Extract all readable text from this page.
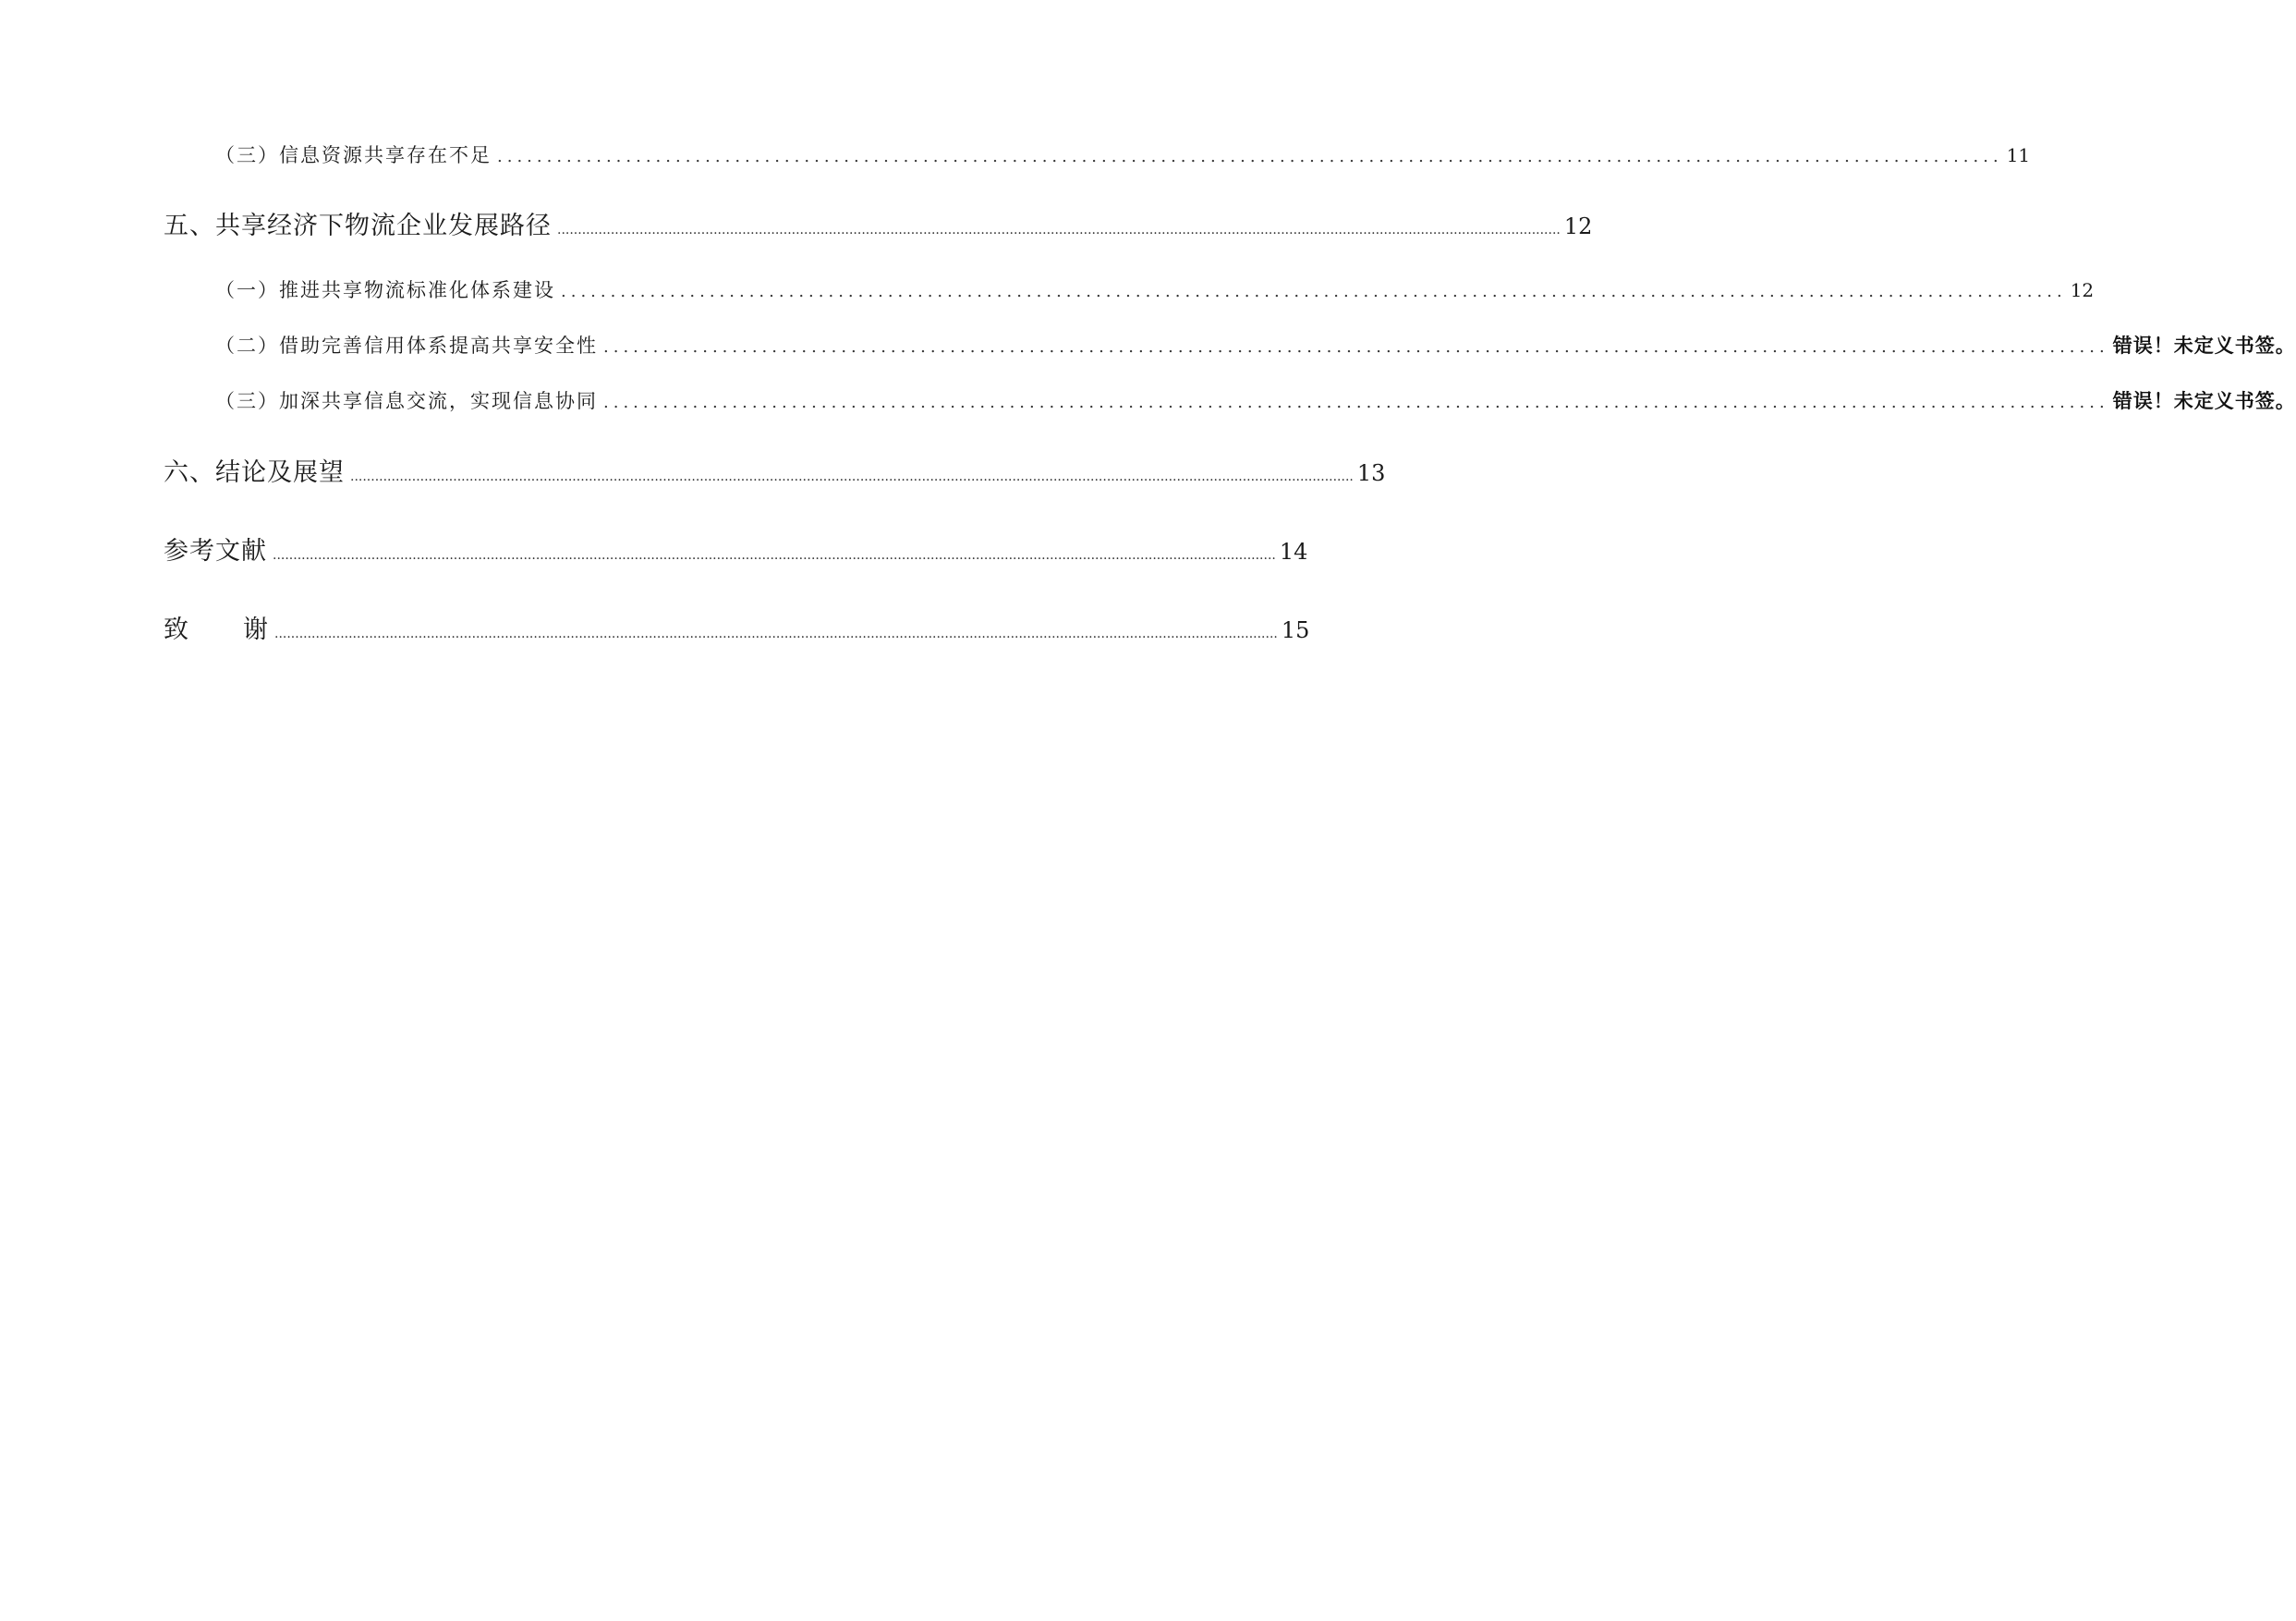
（三）信息资源共享存在不足 ........................................................................................................................................................ 11
五、共享经济下物流企业发展路径 .................................................................................................................................................................................................................................................... 12
（一）推进共享物流标准化体系建设 ........................................................................................................................................................ 12
（二）借助完善信用体系提高共享安全性 ........................................................................................................................................................ 错误！未定义书签。
（三）加深共享信息交流，实现信息协同 ........................................................................................................................................................ 错误！未定义书签。
六、结论及展望 .................................................................................................................................................................................................................................................... 13
参考文献 .................................................................................................................................................................................................................................................... 14
致 谢 .................................................................................................................................................................................................................................................... 15
